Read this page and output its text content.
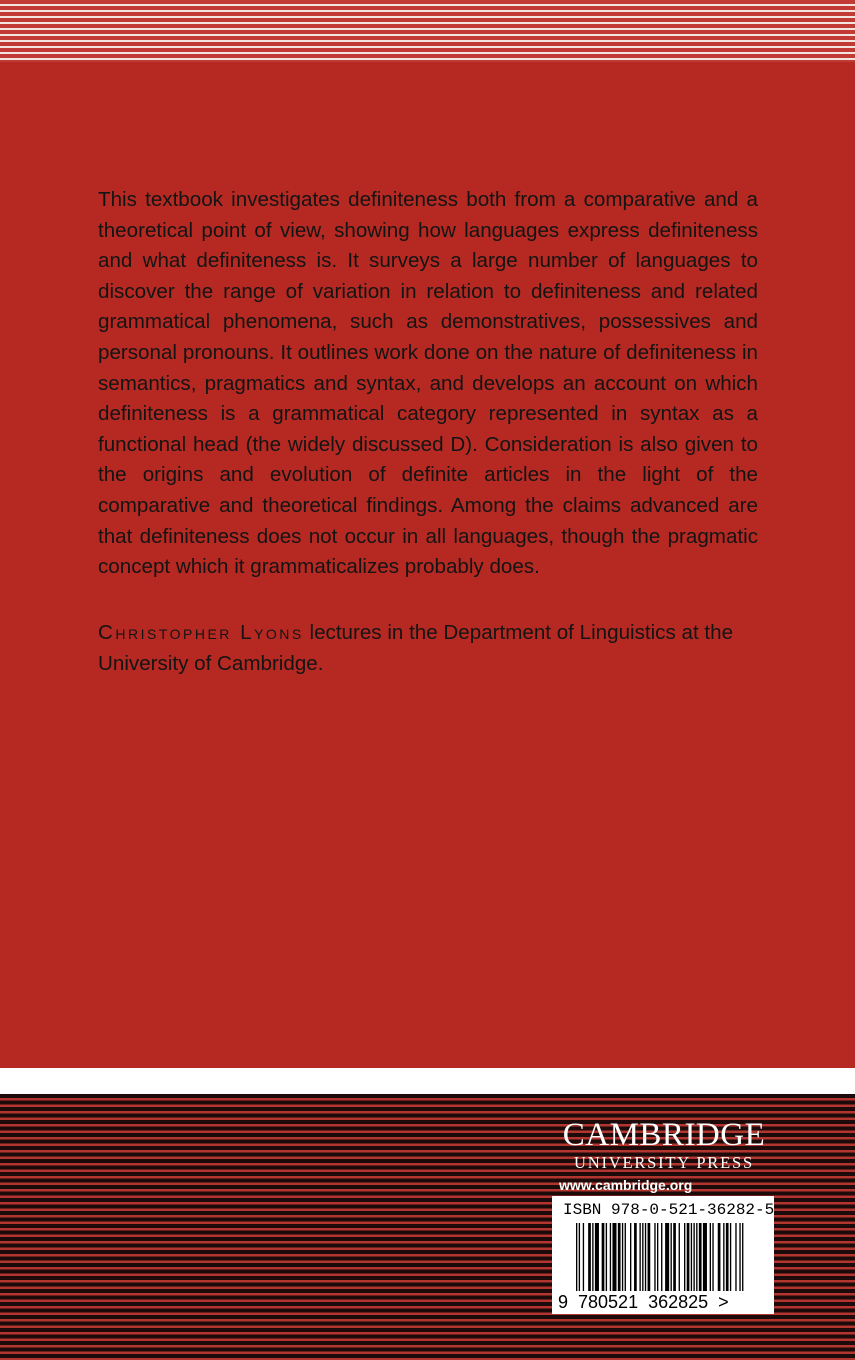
This textbook investigates definiteness both from a comparative and a theoretical point of view, showing how languages express definiteness and what definiteness is. It surveys a large number of languages to discover the range of variation in relation to definiteness and related grammatical phenomena, such as demonstratives, possessives and personal pronouns. It outlines work done on the nature of definiteness in semantics, pragmatics and syntax, and develops an account on which definiteness is a grammatical category represented in syntax as a functional head (the widely discussed D). Consideration is also given to the origins and evolution of definite articles in the light of the comparative and theoretical findings. Among the claims advanced are that definiteness does not occur in all languages, though the pragmatic concept which it grammaticalizes probably does.

Christopher Lyons lectures in the Department of Linguistics at the University of Cambridge.

CAMBRIDGE
UNIVERSITY PRESS
www.cambridge.org
ISBN 978-0-521-36282-5
9  780521  362825  >
